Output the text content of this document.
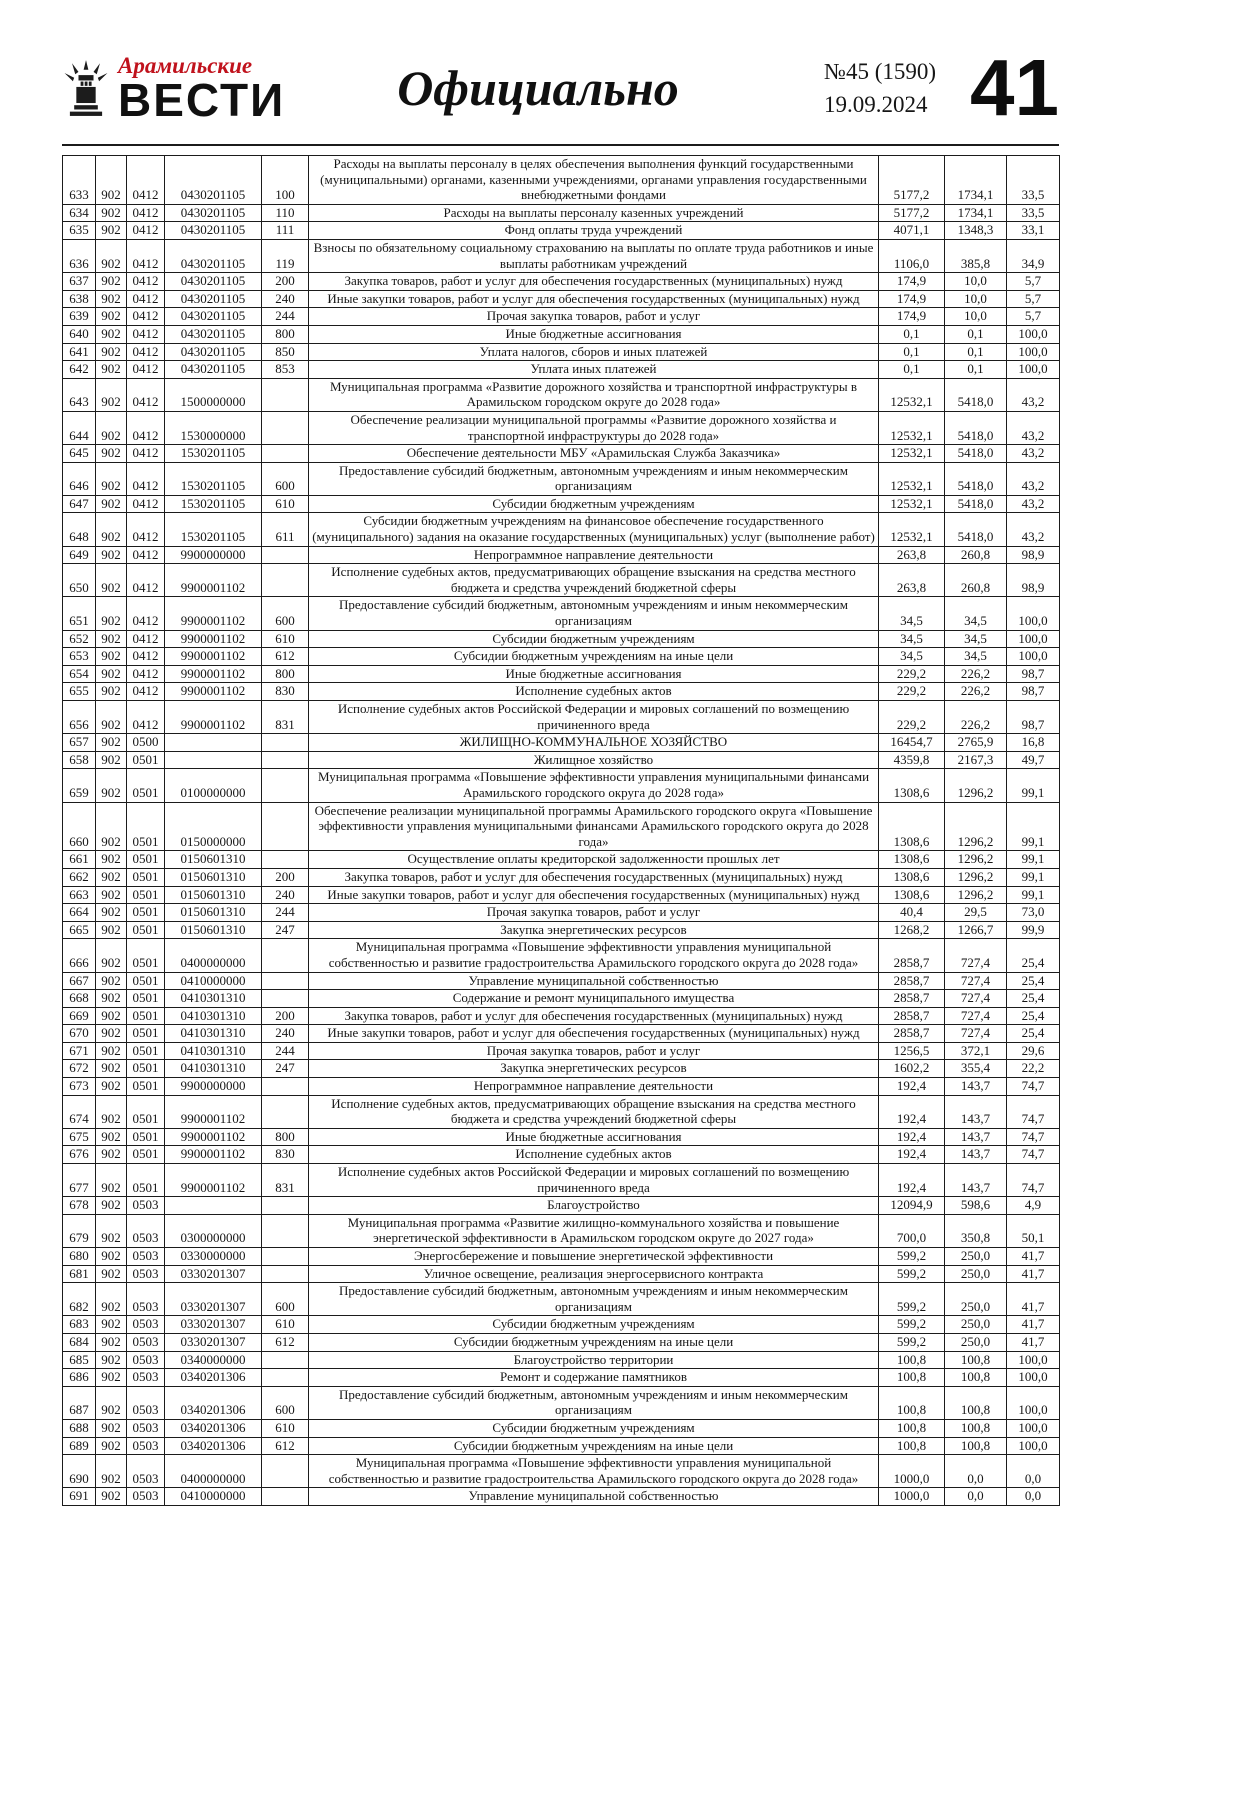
Арамильские
ВЕСТИ	Официально	№45 (1590)
19.09.2024 41
633	902	0412	0430201105	100	Расходы на выплаты персоналу в целях обеспечения выполнения функций государственными (муниципальными) органами, казенными учреждениями, органами управления государственными внебюджетными фондами	5177,2	1734,1	33,5
634	902	0412	0430201105	110	Расходы на выплаты персоналу казенных учреждений	5177,2	1734,1	33,5
635	902	0412	0430201105	111	Фонд оплаты труда учреждений	4071,1	1348,3	33,1
636	902	0412	0430201105	119	Взносы по обязательному социальному страхованию на выплаты по оплате труда работников и иные выплаты работникам учреждений	1106,0	385,8	34,9
637	902	0412	0430201105	200	Закупка товаров, работ и услуг для обеспечения государственных (муниципальных) нужд	174,9	10,0	5,7
638	902	0412	0430201105	240	Иные закупки товаров, работ и услуг для обеспечения государственных (муниципальных) нужд	174,9	10,0	5,7
639	902	0412	0430201105	244	Прочая закупка товаров, работ и услуг	174,9	10,0	5,7
640	902	0412	0430201105	800	Иные бюджетные ассигнования	0,1	0,1	100,0
641	902	0412	0430201105	850	Уплата налогов, сборов и иных платежей	0,1	0,1	100,0
642	902	0412	0430201105	853	Уплата иных платежей	0,1	0,1	100,0
643	902	0412	1500000000		Муниципальная программа «Развитие дорожного хозяйства и транспортной инфраструктуры в Арамильском городском округе до 2028 года»	12532,1	5418,0	43,2
644	902	0412	1530000000		Обеспечение реализации муниципальной программы «Развитие дорожного хозяйства и транспортной инфраструктуры до 2028 года»	12532,1	5418,0	43,2
645	902	0412	1530201105		Обеспечение деятельности МБУ «Арамильская Служба Заказчика»	12532,1	5418,0	43,2
646	902	0412	1530201105	600	Предоставление субсидий бюджетным, автономным учреждениям и иным некоммерческим организациям	12532,1	5418,0	43,2
647	902	0412	1530201105	610	Субсидии бюджетным учреждениям	12532,1	5418,0	43,2
648	902	0412	1530201105	611	Субсидии бюджетным учреждениям на финансовое обеспечение государственного (муниципального) задания на оказание государственных (муниципальных) услуг (выполнение работ)	12532,1	5418,0	43,2
649	902	0412	9900000000		Непрограммное направление деятельности	263,8	260,8	98,9
650	902	0412	9900001102		Исполнение судебных актов, предусматривающих обращение взыскания на средства местного бюджета и средства учреждений бюджетной сферы	263,8	260,8	98,9
651	902	0412	9900001102	600	Предоставление субсидий бюджетным, автономным учреждениям и иным некоммерческим организациям	34,5	34,5	100,0
652	902	0412	9900001102	610	Субсидии бюджетным учреждениям	34,5	34,5	100,0
653	902	0412	9900001102	612	Субсидии бюджетным учреждениям на иные цели	34,5	34,5	100,0
654	902	0412	9900001102	800	Иные бюджетные ассигнования	229,2	226,2	98,7
655	902	0412	9900001102	830	Исполнение судебных актов	229,2	226,2	98,7
656	902	0412	9900001102	831	Исполнение судебных актов Российской Федерации и мировых соглашений по возмещению причиненного вреда	229,2	226,2	98,7
657	902	0500			ЖИЛИЩНО-КОММУНАЛЬНОЕ ХОЗЯЙСТВО	16454,7	2765,9	16,8
658	902	0501			Жилищное хозяйство	4359,8	2167,3	49,7
659	902	0501	0100000000		Муниципальная программа «Повышение эффективности управления муниципальными финансами Арамильского городского округа до 2028 года»	1308,6	1296,2	99,1
660	902	0501	0150000000		Обеспечение реализации муниципальной программы Арамильского городского округа «Повышение эффективности управления муниципальными финансами Арамильского городского округа до 2028 года»	1308,6	1296,2	99,1
661	902	0501	0150601310		Осуществление оплаты кредиторской задолженности прошлых лет	1308,6	1296,2	99,1
662	902	0501	0150601310	200	Закупка товаров, работ и услуг для обеспечения государственных (муниципальных) нужд	1308,6	1296,2	99,1
663	902	0501	0150601310	240	Иные закупки товаров, работ и услуг для обеспечения государственных (муниципальных) нужд	1308,6	1296,2	99,1
664	902	0501	0150601310	244	Прочая закупка товаров, работ и услуг	40,4	29,5	73,0
665	902	0501	0150601310	247	Закупка энергетических ресурсов	1268,2	1266,7	99,9
666	902	0501	0400000000		Муниципальная программа «Повышение эффективности управления муниципальной собственностью и развитие градостроительства Арамильского городского округа до 2028 года»	2858,7	727,4	25,4
667	902	0501	0410000000		Управление муниципальной собственностью	2858,7	727,4	25,4
668	902	0501	0410301310		Содержание и ремонт муниципального имущества	2858,7	727,4	25,4
669	902	0501	0410301310	200	Закупка товаров, работ и услуг для обеспечения государственных (муниципальных) нужд	2858,7	727,4	25,4
670	902	0501	0410301310	240	Иные закупки товаров, работ и услуг для обеспечения государственных (муниципальных) нужд	2858,7	727,4	25,4
671	902	0501	0410301310	244	Прочая закупка товаров, работ и услуг	1256,5	372,1	29,6
672	902	0501	0410301310	247	Закупка энергетических ресурсов	1602,2	355,4	22,2
673	902	0501	9900000000		Непрограммное направление деятельности	192,4	143,7	74,7
674	902	0501	9900001102		Исполнение судебных актов, предусматривающих обращение взыскания на средства местного бюджета и средства учреждений бюджетной сферы	192,4	143,7	74,7
675	902	0501	9900001102	800	Иные бюджетные ассигнования	192,4	143,7	74,7
676	902	0501	9900001102	830	Исполнение судебных актов	192,4	143,7	74,7
677	902	0501	9900001102	831	Исполнение судебных актов Российской Федерации и мировых соглашений по возмещению причиненного вреда	192,4	143,7	74,7
678	902	0503			Благоустройство	12094,9	598,6	4,9
679	902	0503	0300000000		Муниципальная программа «Развитие жилищно-коммунального хозяйства и повышение энергетической эффективности в Арамильском городском округе до 2027 года»	700,0	350,8	50,1
680	902	0503	0330000000		Энергосбережение и повышение энергетической эффективности	599,2	250,0	41,7
681	902	0503	0330201307		Уличное освещение, реализация энергосервисного контракта	599,2	250,0	41,7
682	902	0503	0330201307	600	Предоставление субсидий бюджетным, автономным учреждениям и иным некоммерческим организациям	599,2	250,0	41,7
683	902	0503	0330201307	610	Субсидии бюджетным учреждениям	599,2	250,0	41,7
684	902	0503	0330201307	612	Субсидии бюджетным учреждениям на иные цели	599,2	250,0	41,7
685	902	0503	0340000000		Благоустройство территории	100,8	100,8	100,0
686	902	0503	0340201306		Ремонт и содержание памятников	100,8	100,8	100,0
687	902	0503	0340201306	600	Предоставление субсидий бюджетным, автономным учреждениям и иным некоммерческим организациям	100,8	100,8	100,0
688	902	0503	0340201306	610	Субсидии бюджетным учреждениям	100,8	100,8	100,0
689	902	0503	0340201306	612	Субсидии бюджетным учреждениям на иные цели	100,8	100,8	100,0
690	902	0503	0400000000		Муниципальная программа «Повышение эффективности управления муниципальной собственностью и развитие градостроительства Арамильского городского округа до 2028 года»	1000,0	0,0	0,0
691	902	0503	0410000000		Управление муниципальной собственностью	1000,0	0,0	0,0
